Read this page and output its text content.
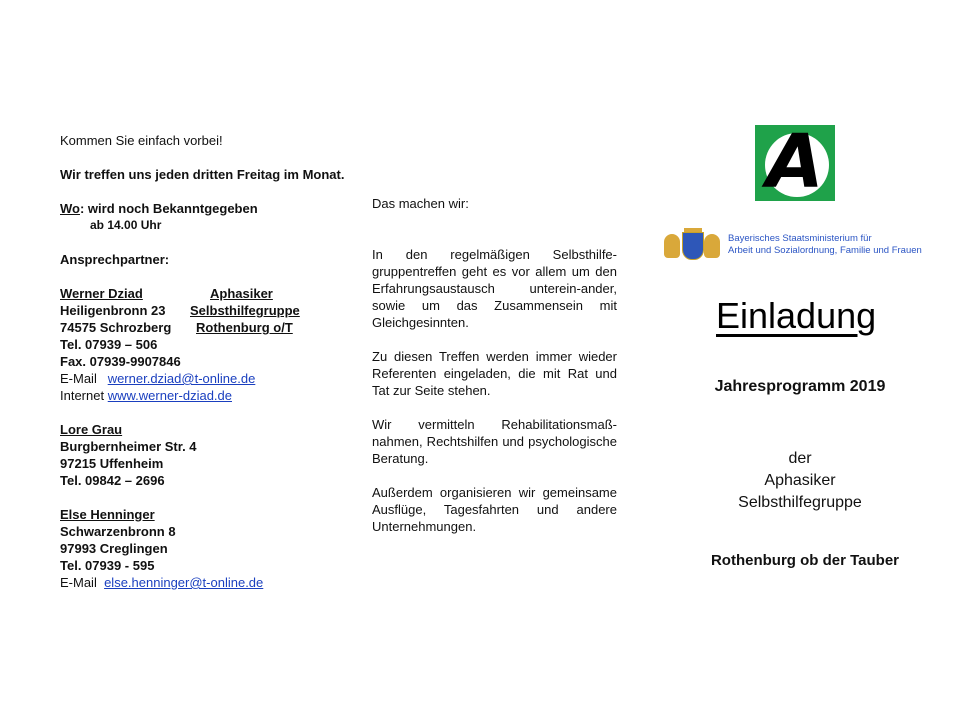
Kommen Sie einfach vorbei!

Wir treffen uns jeden dritten Freitag im Monat.

Wo: wird noch Bekanntgegeben

ab 14.00 Uhr

Ansprechpartner:

Werner Dziad	Aphasiker
Heiligenbronn 23	Selbsthilfegruppe
74575 Schrozberg	Rothenburg o/T

Tel. 07939 – 506

Fax. 07939-9907846

E-Mail werner.dziad@t-online.de

Internet www.werner-dziad.de

Lore Grau

Burgbernheimer Str. 4

97215 Uffenheim

Tel. 09842 – 2696

Else Henninger

Schwarzenbronn 8

97993 Creglingen

Tel. 07939 - 595

E-Mail else.henninger@t-online.de

Das machen wir:

In den regelmäßigen Selbsthilfe-gruppentreffen geht es vor allem um den Erfahrungsaustausch unterein-ander, sowie um das Zusammensein mit Gleichgesinnten.

Zu diesen Treffen werden immer wieder Referenten eingeladen, die mit Rat und Tat zur Seite stehen.

Wir vermitteln Rehabilitationsmaß-nahmen, Rechtshilfen und psychologische Beratung.

Außerdem organisieren wir gemeinsame Ausflüge, Tagesfahrten und andere Unternehmungen.

A
Bayerisches Staatsministerium für
Arbeit und Sozialordnung, Familie und Frauen
Einladung
Jahresprogramm 2019
der
Aphasiker
Selbsthilfegruppe
Rothenburg ob der Tauber
